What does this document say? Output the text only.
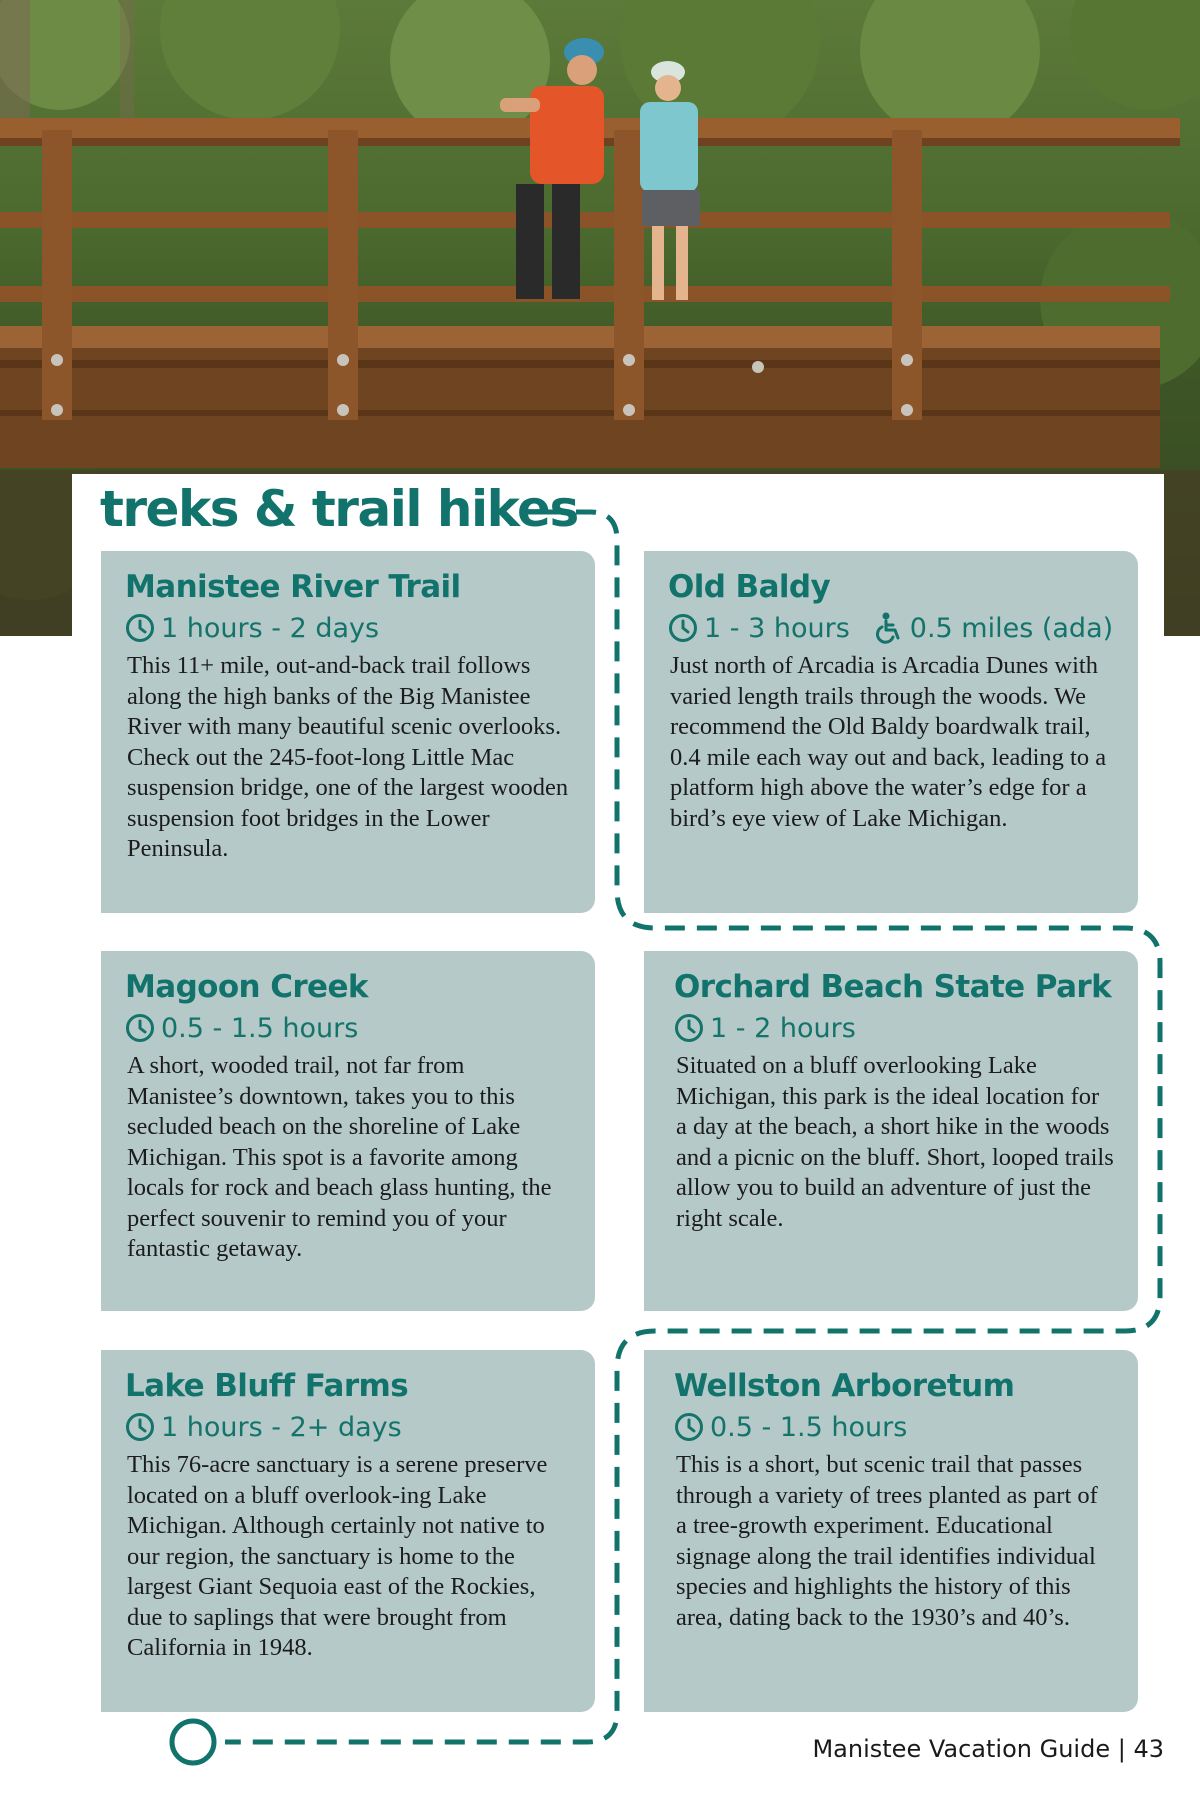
treks & trail hikes
Manistee River Trail
1 hours - 2 days

This 11+ mile, out-and-back trail follows along the high banks of the Big Manistee River with many beautiful scenic overlooks. Check out the 245-foot-long Little Mac suspension bridge, one of the largest wooden suspension foot bridges in the Lower Peninsula.

Old Baldy
1 - 3 hours 0.5 miles (ada)

Just north of Arcadia is Arcadia Dunes with varied length trails through the woods. We recommend the Old Baldy boardwalk trail, 0.4 mile each way out and back, leading to a platform high above the water’s edge for a bird’s eye view of Lake Michigan.

Magoon Creek
0.5 - 1.5 hours

A short, wooded trail, not far from Manistee’s downtown, takes you to this secluded beach on the shoreline of Lake Michigan. This spot is a favorite among locals for rock and beach glass hunting, the perfect souvenir to remind you of your fantastic getaway.

Orchard Beach State Park
1 - 2 hours

Situated on a bluff overlooking Lake Michigan, this park is the ideal location for a day at the beach, a short hike in the woods and a picnic on the bluff. Short, looped trails allow you to build an adventure of just the right scale.

Lake Bluff Farms
1 hours - 2+ days

This 76-acre sanctuary is a serene preserve located on a bluff overlook-ing Lake Michigan. Although certainly not native to our region, the sanctuary is home to the largest Giant Sequoia east of the Rockies, due to saplings that were brought from California in 1948.

Wellston Arboretum
0.5 - 1.5 hours

This is a short, but scenic trail that passes through a variety of trees planted as part of a tree-growth experiment. Educational signage along the trail identifies individual species and highlights the history of this area, dating back to the 1930’s and 40’s.

Manistee Vacation Guide | 43
